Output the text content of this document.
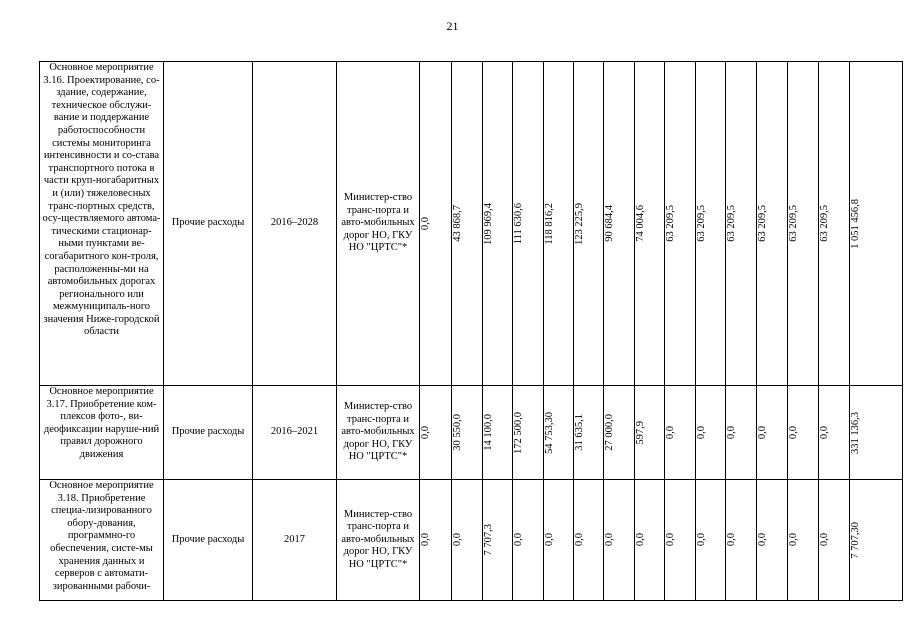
21
Основное мероприятие 3.16. Проектирование, со-здание, содержание, техническое обслужи-вание и поддержание работоспособности системы мониторинга интенсивности и со-става транспортного потока в части круп-ногабаритных и (или) тяжеловесных транс-портных средств, осу-ществляемого автома-тическими стационар-ными пунктами ве-согабаритного кон-троля, расположенны-ми на автомобильных дорогах регионального или межмуниципаль-ного значения Ниже-городской области	Прочие расходы	2016–2028	Министер-ство транс-порта и авто-мобильных дорог НО, ГКУ НО "ЦРТС"*	0,0	43 868,7	109 969,4	111 630,6	118 816,2	123 225,9	90 684,4	74 004,6	63 209,5	63 209,5	63 209,5	63 209,5	63 209,5	63 209,5	1 051 456,8

Основное мероприятие 3.17. Приобретение ком-плексов фото-, ви-деофиксации наруше-ний правил дорожного движения	Прочие расходы	2016–2021	Министер-ство транс-порта и авто-мобильных дорог НО, ГКУ НО "ЦРТС"*	0,0	30 550,0	14 100,0	172 500,0	54 753,30	31 635,1	27 000,0	597,9	0,0	0,0	0,0	0,0	0,0	0,0	331 136,3

Основное мероприятие 3.18. Приобретение специа-лизированного обору-дования, программно-го обеспечения, систе-мы хранения данных и серверов с автомати-зированными рабочи-	Прочие расходы	2017	Министер-ство транс-порта и авто-мобильных дорог НО, ГКУ НО "ЦРТС"*	0,0	0,0	7 707,3	0,0	0,0	0,0	0,0	0,0	0,0	0,0	0,0	0,0	0,0	0,0	7 707,30
